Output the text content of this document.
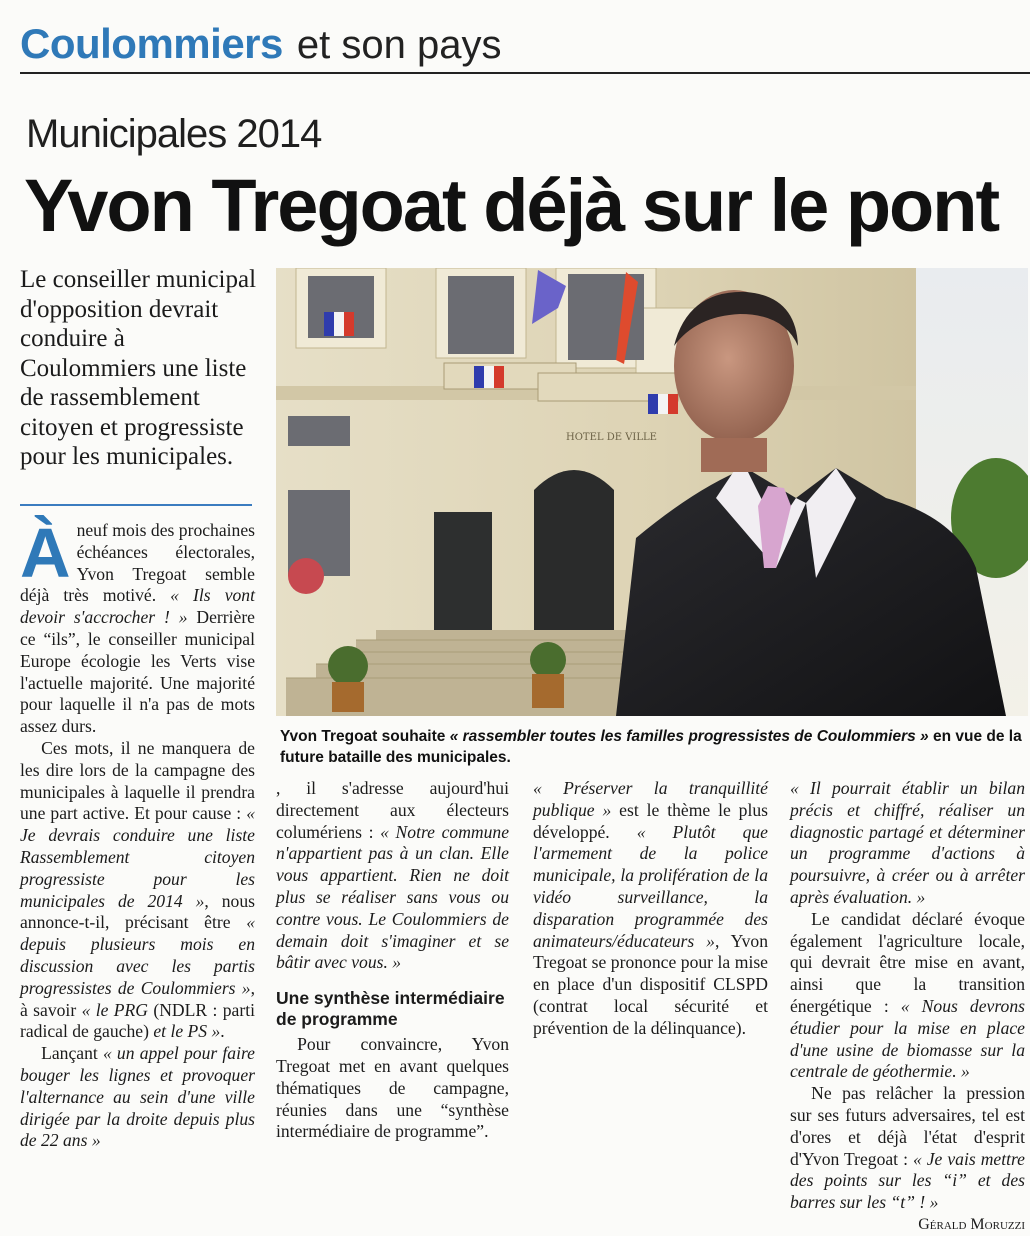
Coulommiers et son pays
Municipales 2014
Yvon Tregoat déjà sur le pont
Le conseiller municipal d'opposition devrait conduire à Coulommiers une liste de rassemblement citoyen et progressiste pour les municipales.
HOTEL DE VILLE
Yvon Tregoat souhaite « rassembler toutes les familles progressistes de Coulommiers » en vue de la future bataille des municipales.

Àneuf mois des prochaines échéances électorales, Yvon Tregoat semble déjà très motivé. « Ils vont devoir s'accrocher ! » Derrière ce “ils”, le conseiller municipal Europe écologie les Verts vise l'actuelle majorité. Une majorité pour laquelle il n'a pas de mots assez durs.

Ces mots, il ne manquera de les dire lors de la campagne des municipales à laquelle il prendra une part active. Et pour cause : « Je devrais conduire une liste Rassemblement citoyen progressiste pour les municipales de 2014 », nous annonce-t-il, précisant être « depuis plusieurs mois en discussion avec les partis progressistes de Coulommiers », à savoir « le PRG (NDLR : parti radical de gauche) et le PS ».

Lançant « un appel pour faire bouger les lignes et provoquer l'alternance au sein d'une ville dirigée par la droite depuis plus de 22 ans »

, il s'adresse aujourd'hui directement aux électeurs columériens : « Notre commune n'appartient pas à un clan. Elle vous appartient. Rien ne doit plus se réaliser sans vous ou contre vous. Le Coulommiers de demain doit s'imaginer et se bâtir avec vous. »

Une synthèse intermédiaire de programme

Pour convaincre, Yvon Tregoat met en avant quelques thématiques de campagne, réunies dans une “synthèse intermédiaire de programme”.

« Préserver la tranquillité publique » est le thème le plus développé. « Plutôt que l'armement de la police municipale, la prolifération de la vidéo surveillance, la disparation programmée des animateurs/éducateurs », Yvon Tregoat se prononce pour la mise en place d'un dispositif CLSPD (contrat local sécurité et prévention de la délinquance).

« Il pourrait établir un bilan précis et chiffré, réaliser un diagnostic partagé et déterminer un programme d'actions à poursuivre, à créer ou à arrêter après évaluation. »

Le candidat déclaré évoque également l'agriculture locale, qui devrait être mise en avant, ainsi que la transition énergétique : « Nous devrons étudier pour la mise en place d'une usine de biomasse sur la centrale de géothermie. »

Ne pas relâcher la pression sur ses futurs adversaires, tel est d'ores et déjà l'état d'esprit d'Yvon Tregoat : « Je vais mettre des points sur les “i” et des barres sur les “t” ! »

Gérald Moruzzi
